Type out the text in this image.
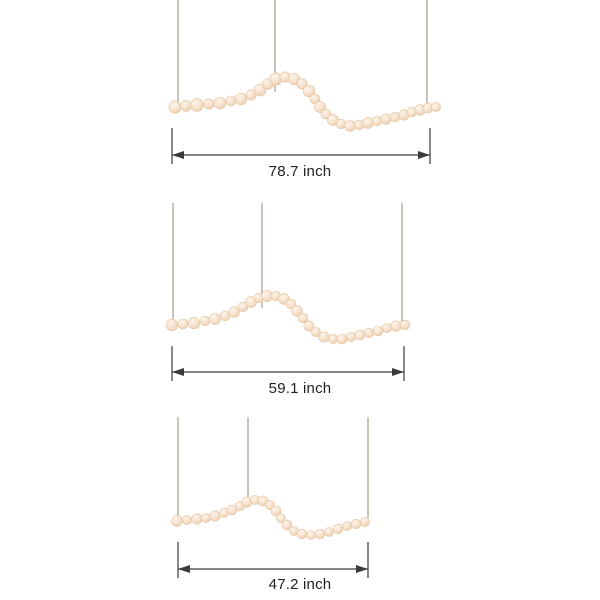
78.7 inch
59.1 inch
47.2 inch
